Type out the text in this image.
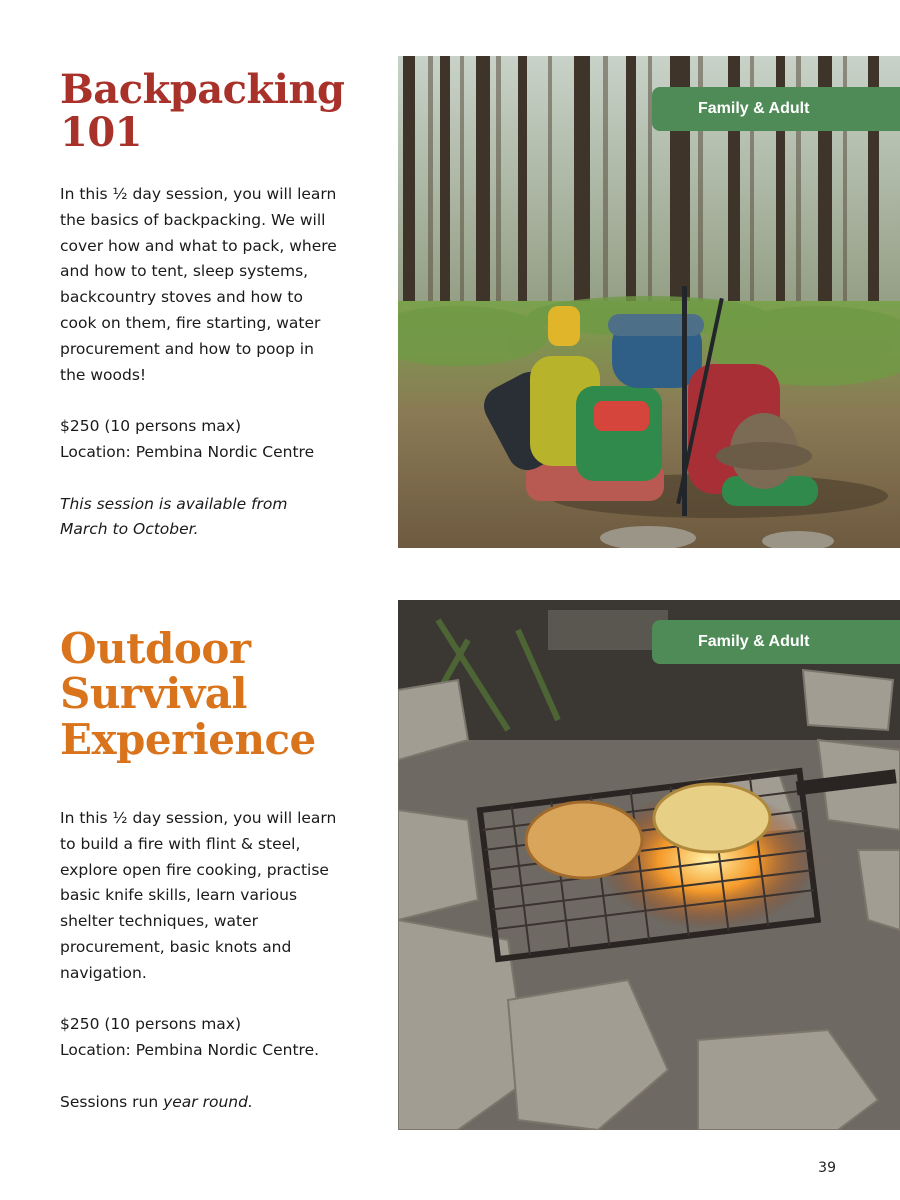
Backpacking
101

In this ½ day session, you will learn

the basics of backpacking. We will

cover how and what to pack, where

and how to tent, sleep systems,

backcountry stoves and how to

cook on them, fire starting, water

procurement and how to poop in

the woods!

$250 (10 persons max)

Location: Pembina Nordic Centre

This session is available from

March to October.

Family & Adult
Outdoor
Survival
Experience

In this ½ day session, you will learn

to build a fire with flint & steel,

explore open fire cooking, practise

basic knife skills, learn various

shelter techniques, water

procurement, basic knots and

navigation.

$250 (10 persons max)

Location: Pembina Nordic Centre.

Sessions run year round.

Family & Adult
39
